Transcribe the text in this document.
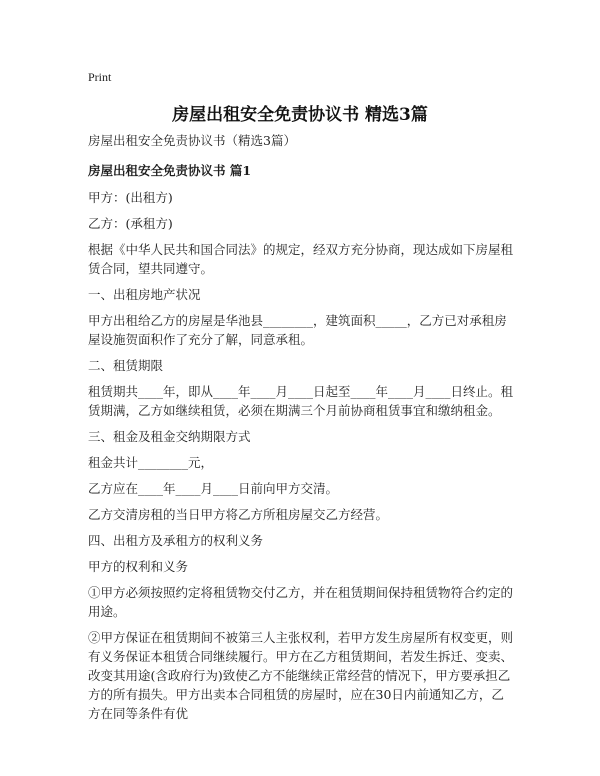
Print
房屋出租安全免责协议书 精选3篇
房屋出租安全免责协议书（精选3篇）
房屋出租安全免责协议书 篇1
甲方：(出租方)
乙方：(承租方)
根据《中华人民共和国合同法》的规定，经双方充分协商，现达成如下房屋租赁合同，望共同遵守。
一、出租房地产状况
甲方出租给乙方的房屋是华池县________，建筑面积_____，乙方已对承租房屋设施贺面积作了充分了解，同意承租。
二、租赁期限
租赁期共____年，即从____年____月____日起至____年____月____日终止。租赁期满，乙方如继续租赁，必须在期满三个月前协商租赁事宜和缴纳租金。
三、租金及租金交纳期限方式
租金共计________元，
乙方应在____年____月____日前向甲方交清。
乙方交清房租的当日甲方将乙方所租房屋交乙方经营。
四、出租方及承租方的权利义务
甲方的权利和义务
①甲方必须按照约定将租赁物交付乙方，并在租赁期间保持租赁物符合约定的用途。
②甲方保证在租赁期间不被第三人主张权利，若甲方发生房屋所有权变更，则有义务保证本租赁合同继续履行。甲方在乙方租赁期间，若发生拆迁、变卖、改变其用途(含政府行为)致使乙方不能继续正常经营的情况下，甲方要承担乙方的所有损失。甲方出卖本合同租赁的房屋时，应在30日内前通知乙方，乙方在同等条件有优
